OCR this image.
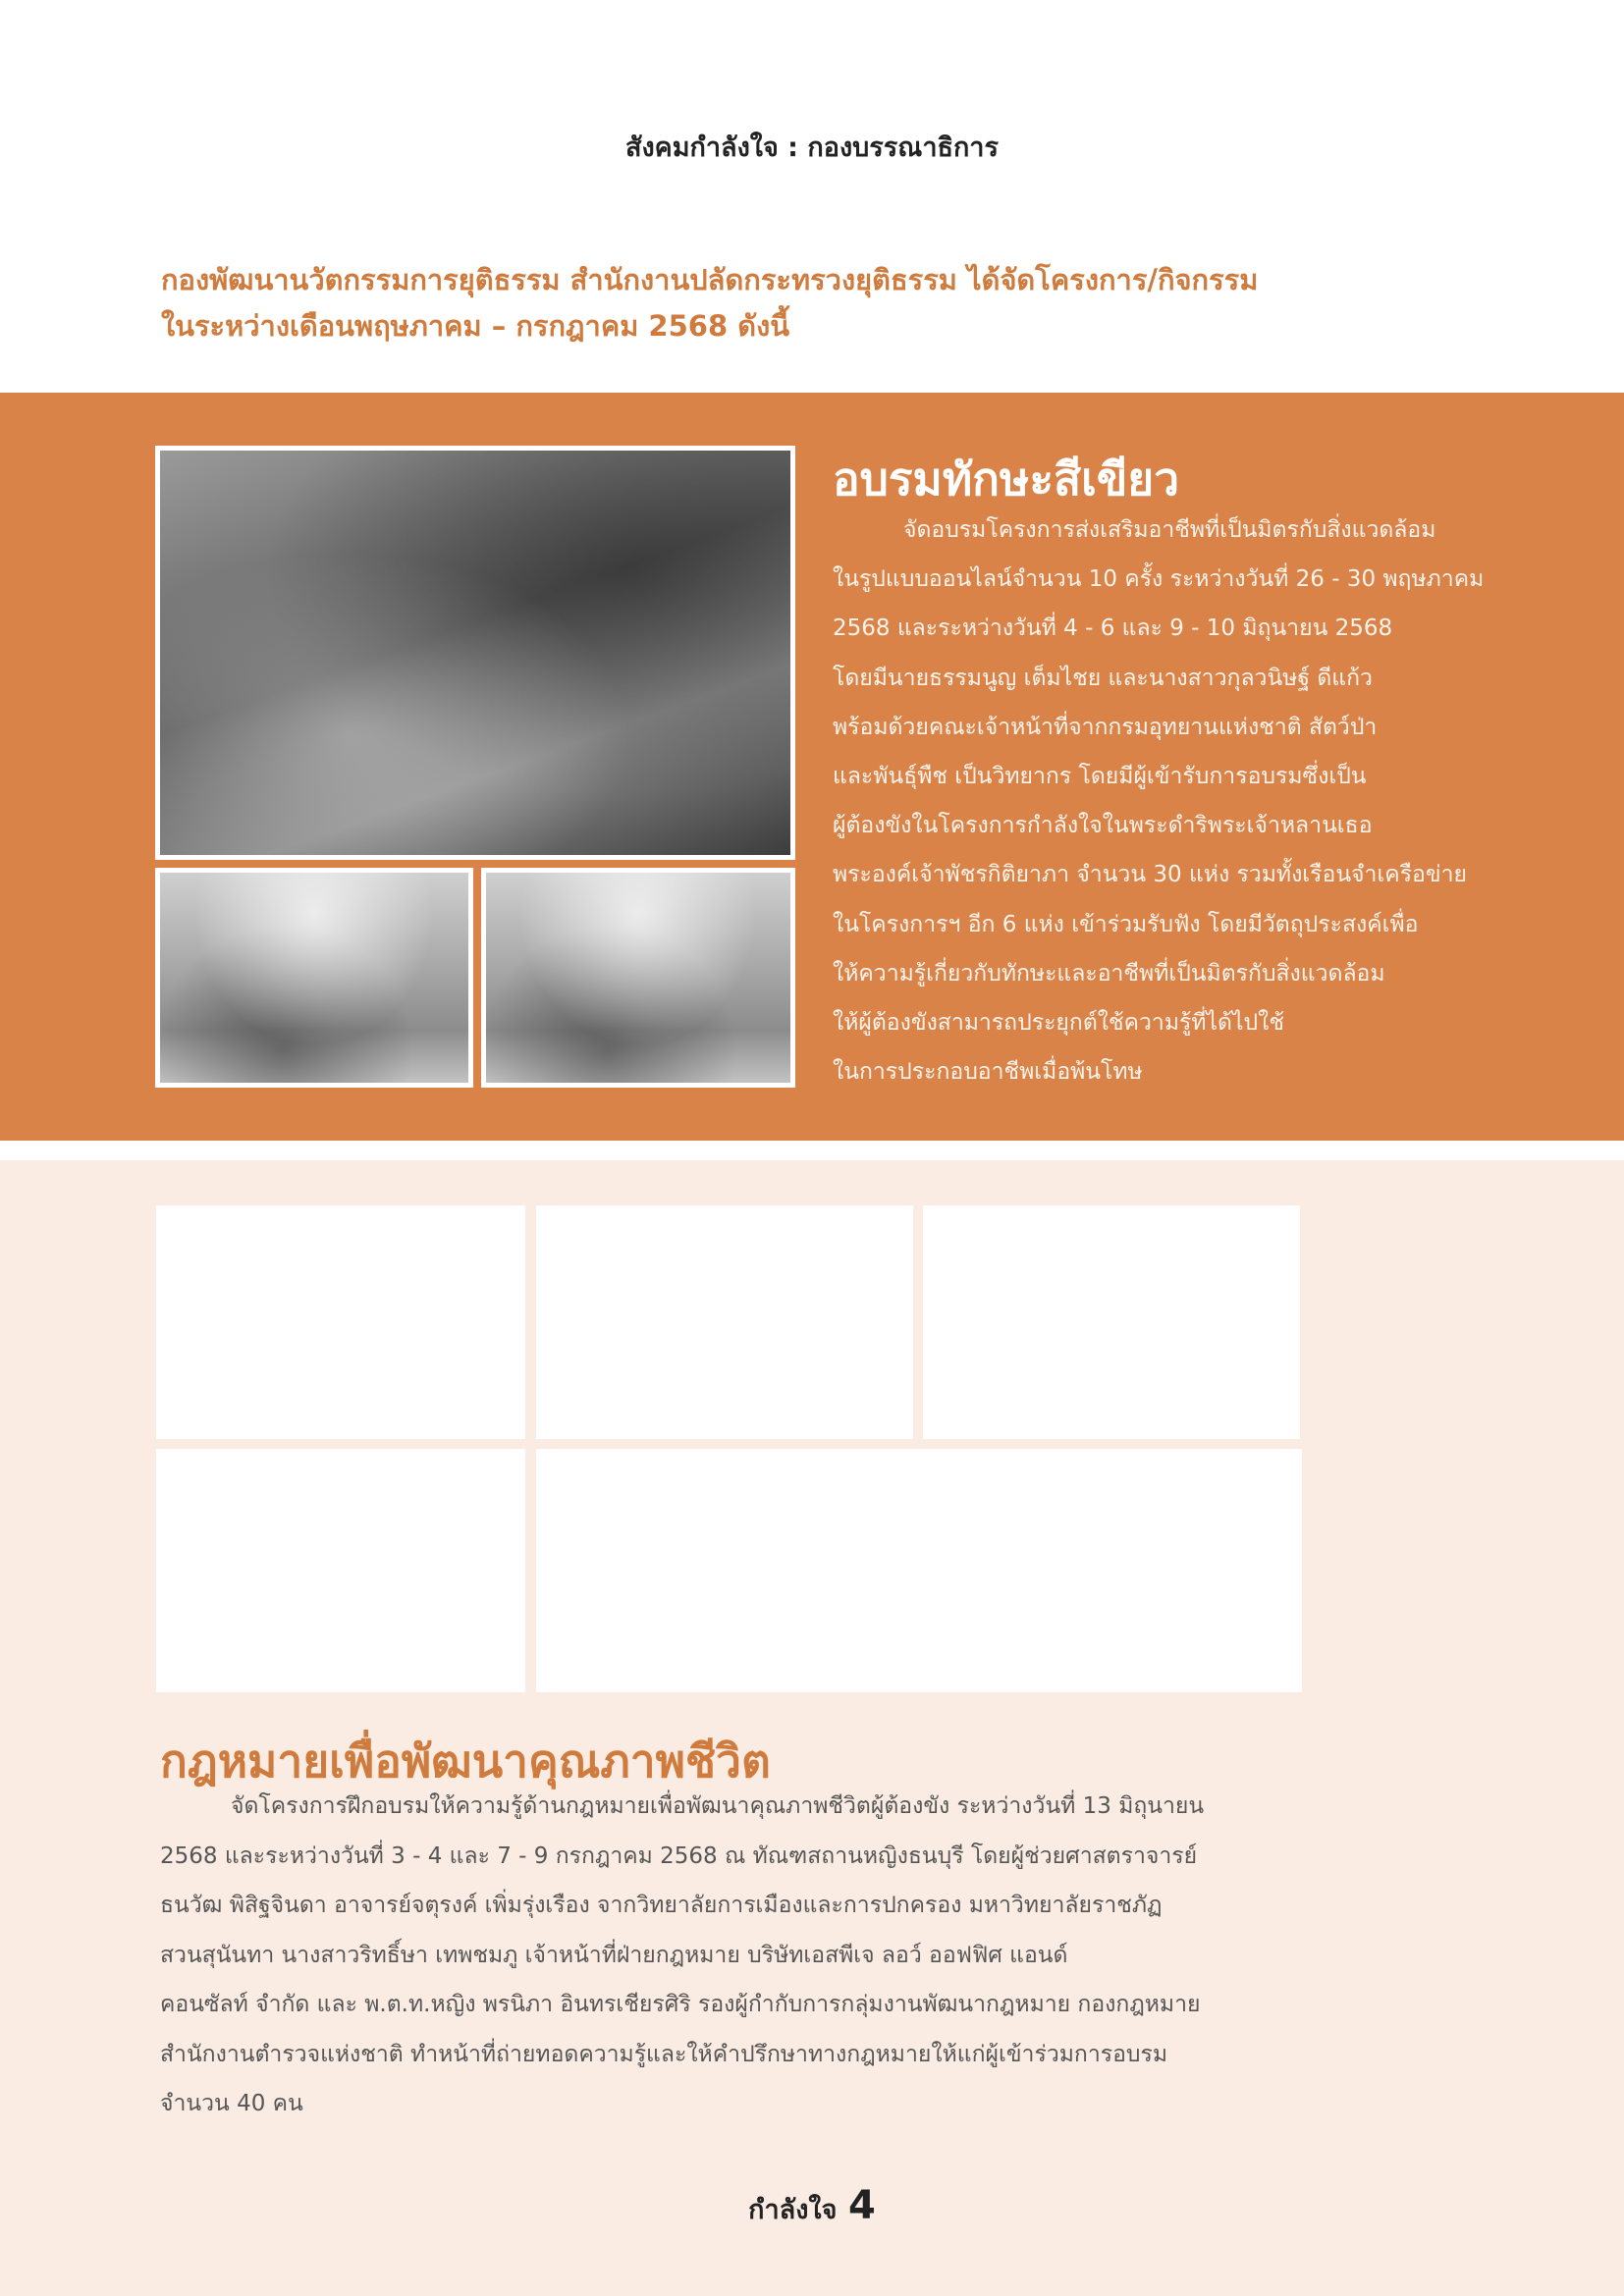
สังคมกำลังใจ : กองบรรณาธิการ
กองพัฒนานวัตกรรมการยุติธรรม สำนักงานปลัดกระทรวงยุติธรรม ได้จัดโครงการ/กิจกรรม
ในระหว่างเดือนพฤษภาคม – กรกฎาคม 2568 ดังนี้
อบรมทักษะสีเขียว
จัดอบรมโครงการส่งเสริมอาชีพที่เป็นมิตรกับสิ่งแวดล้อม
ในรูปแบบออนไลน์จำนวน 10 ครั้ง ระหว่างวันที่ 26 - 30 พฤษภาคม
2568 และระหว่างวันที่ 4 - 6 และ 9 - 10 มิถุนายน 2568
โดยมีนายธรรมนูญ เต็มไชย และนางสาวกุลวนิษฐ์ ดีแก้ว
พร้อมด้วยคณะเจ้าหน้าที่จากกรมอุทยานแห่งชาติ สัตว์ป่า
และพันธุ์พืช เป็นวิทยากร โดยมีผู้เข้ารับการอบรมซึ่งเป็น
ผู้ต้องขังในโครงการกำลังใจในพระดำริพระเจ้าหลานเธอ
พระองค์เจ้าพัชรกิติยาภา จำนวน 30 แห่ง รวมทั้งเรือนจำเครือข่าย
ในโครงการฯ อีก 6 แห่ง เข้าร่วมรับฟัง โดยมีวัตถุประสงค์เพื่อ
ให้ความรู้เกี่ยวกับทักษะและอาชีพที่เป็นมิตรกับสิ่งแวดล้อม
ให้ผู้ต้องขังสามารถประยุกต์ใช้ความรู้ที่ได้ไปใช้
ในการประกอบอาชีพเมื่อพ้นโทษ
กฎหมายเพื่อพัฒนาคุณภาพชีวิต
จัดโครงการฝึกอบรมให้ความรู้ด้านกฎหมายเพื่อพัฒนาคุณภาพชีวิตผู้ต้องขัง ระหว่างวันที่ 13 มิถุนายน
2568 และระหว่างวันที่ 3 - 4 และ 7 - 9 กรกฎาคม 2568 ณ ทัณฑสถานหญิงธนบุรี โดยผู้ช่วยศาสตราจารย์
ธนวัฒ พิสิฐจินดา อาจารย์จตุรงค์ เพิ่มรุ่งเรือง จากวิทยาลัยการเมืองและการปกครอง มหาวิทยาลัยราชภัฏ
สวนสุนันทา นางสาวริทธิ์ษา เทพชมภู เจ้าหน้าที่ฝ่ายกฎหมาย บริษัทเอสพีเจ ลอว์ ออฟฟิศ แอนด์
คอนซัลท์ จำกัด และ พ.ต.ท.หญิง พรนิภา อินทรเชียรศิริ รองผู้กำกับการกลุ่มงานพัฒนากฎหมาย กองกฎหมาย
สำนักงานตำรวจแห่งชาติ ทำหน้าที่ถ่ายทอดความรู้และให้คำปรึกษาทางกฎหมายให้แก่ผู้เข้าร่วมการอบรม
จำนวน 40 คน
กำลังใจ 4
